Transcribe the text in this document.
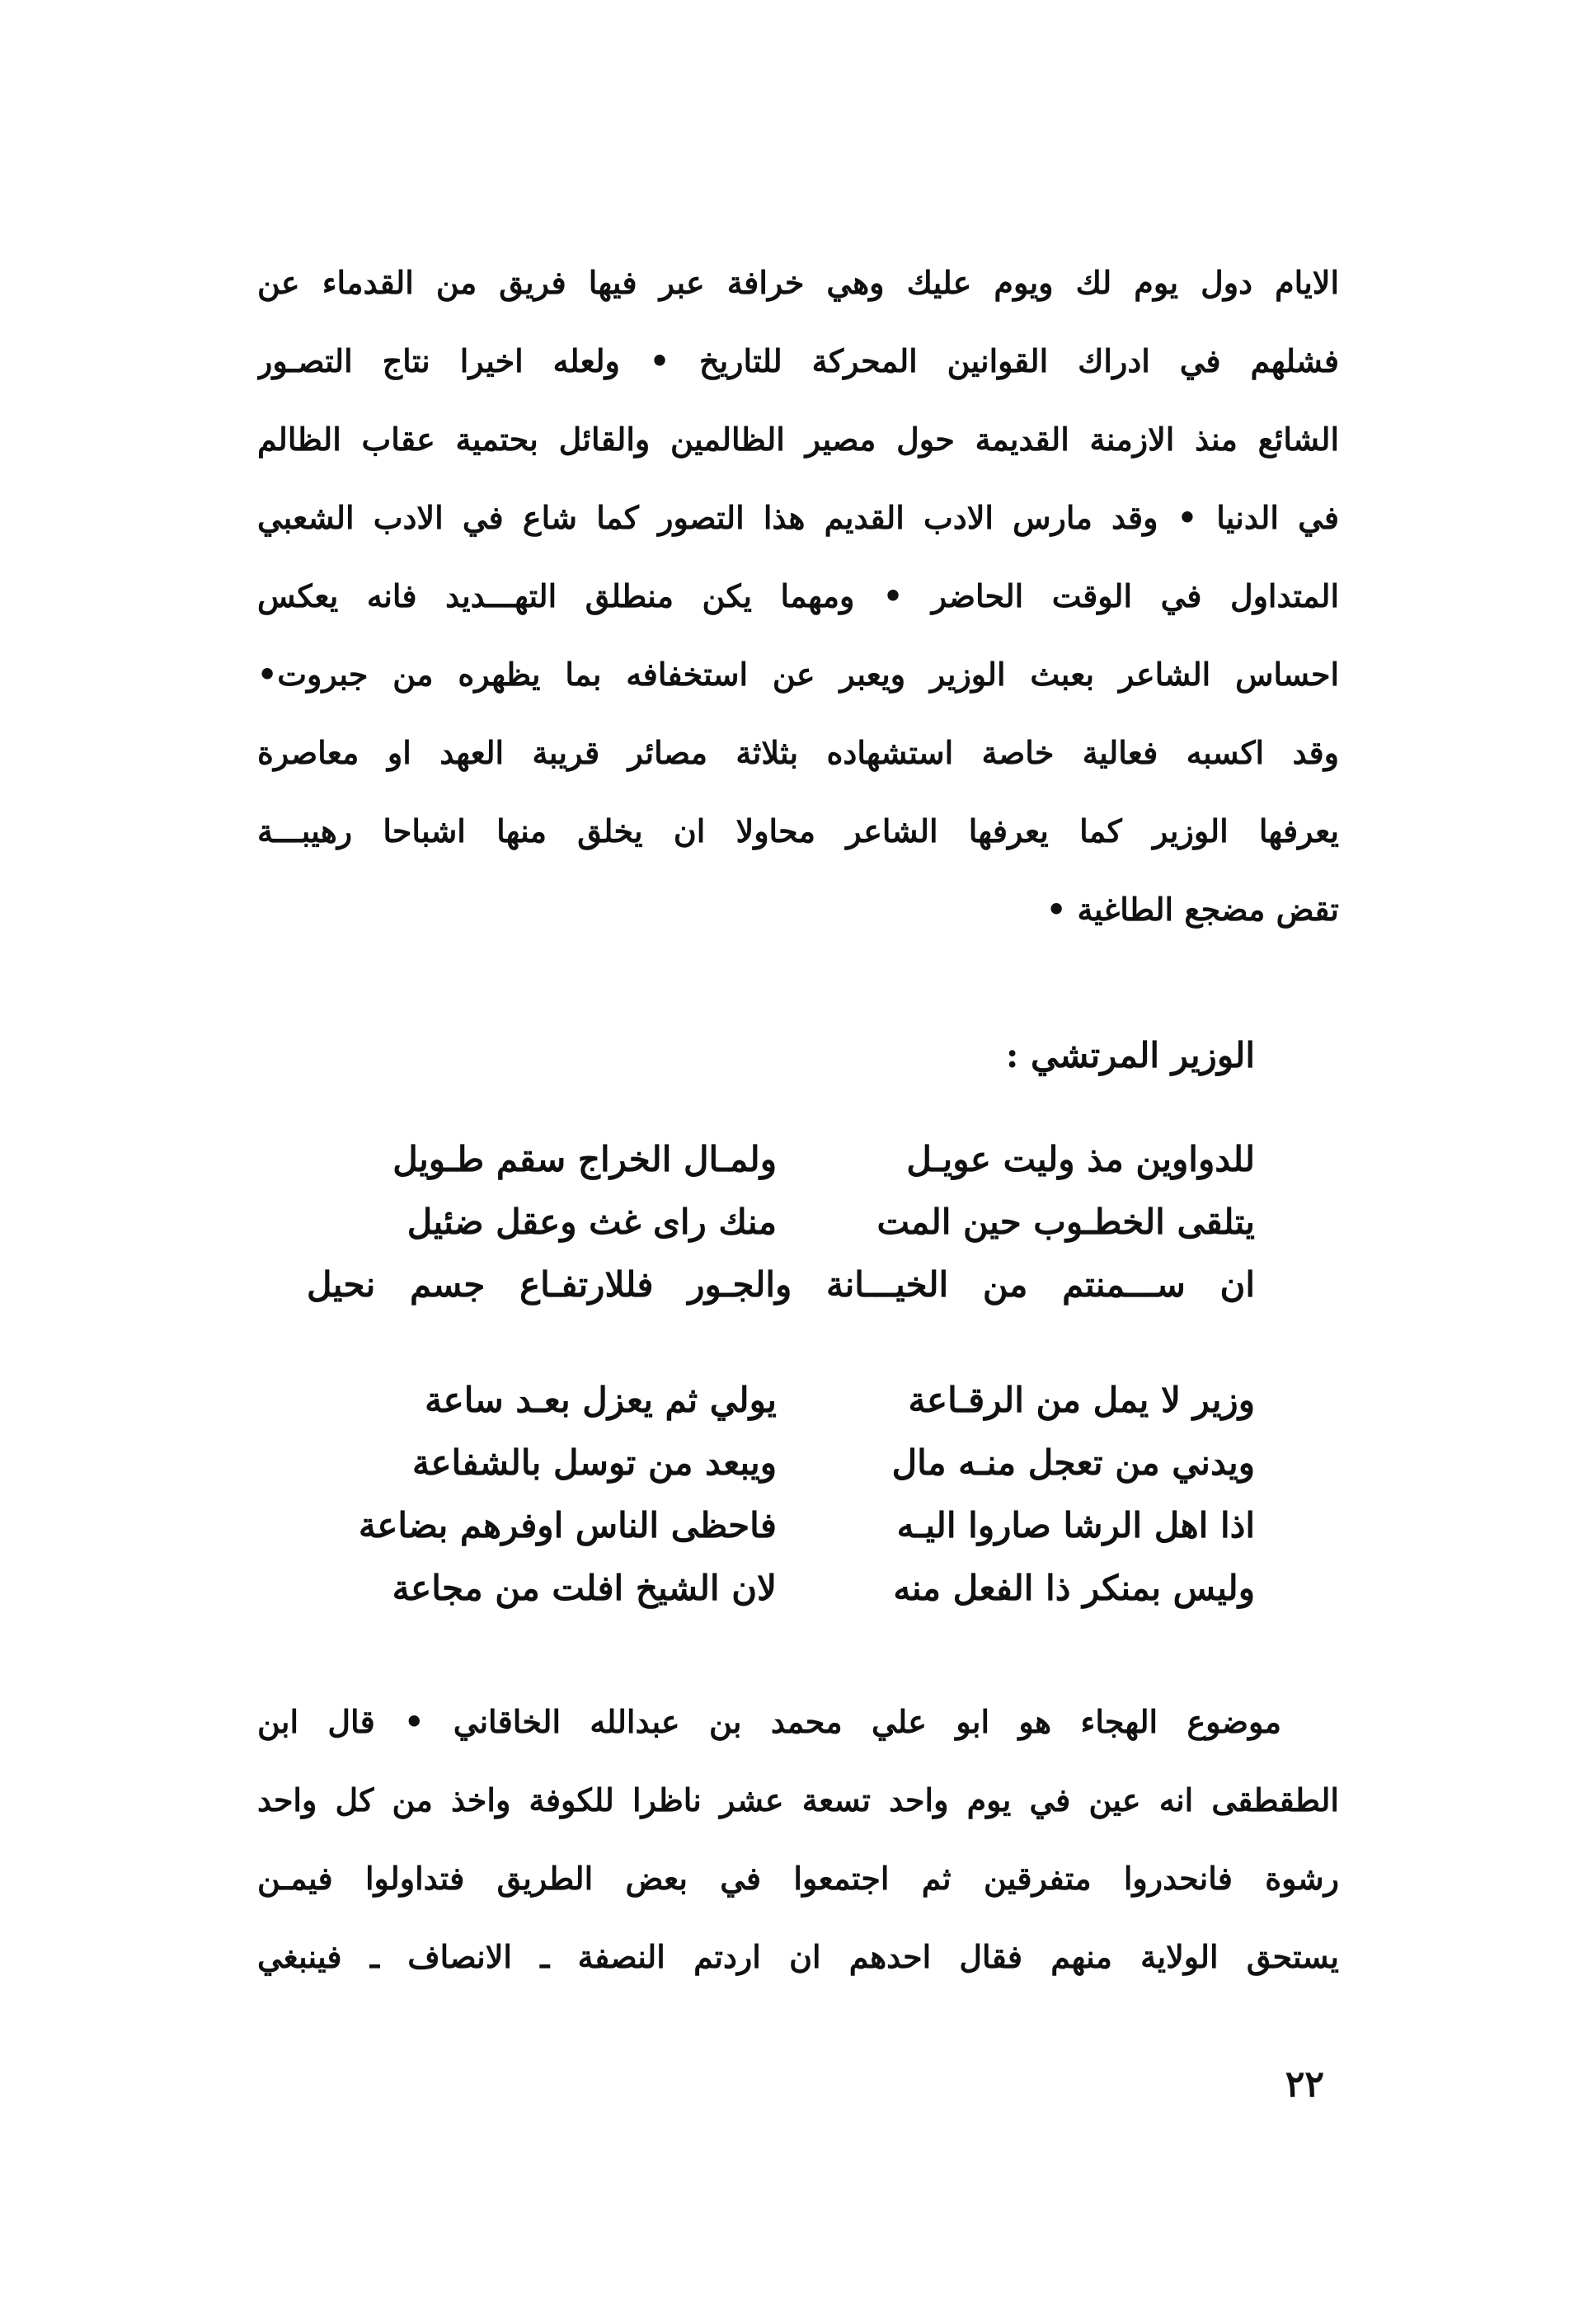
الايام دول يوم لك ويوم عليك وهي خرافة عبر فيها فريق من القدماء عن
فشلهم في ادراك القوانين المحركة للتاريخ • ولعله اخيرا نتاج التصـور
الشائع منذ الازمنة القديمة حول مصير الظالمين والقائل بحتمية عقاب الظالم
في الدنيا • وقد مارس الادب القديم هذا التصور كما شاع في الادب الشعبي
المتداول في الوقت الحاضر • ومهما يكن منطلق التهـــديد فانه يعكس
احساس الشاعر بعبث الوزير ويعبر عن استخفافه بما يظهره من جبروت•
وقد اكسبه فعالية خاصة استشهاده بثلاثة مصائر قريبة العهد او معاصرة
يعرفها الوزير كما يعرفها الشاعر محاولا ان يخلق منها اشباحا رهيبـــة
تقض مضجع الطاغية •
الوزير المرتشي :
للدواوين مذ وليت عويـل
ولمـال الخراج سقم طـويل
يتلقى الخطـوب حين المت
منك راى غث وعقل ضئيل
ان ســـمنتم من الخيـــانة والجـور فللارتفـاع جسم نحيل
وزير لا يمل من الرقـاعة
يولي ثم يعزل بعـد ساعة
ويدني من تعجل منـه مال
ويبعد من توسل بالشفاعة
اذا اهل الرشا صاروا اليـه
فاحظى الناس اوفرهم بضاعة
وليس بمنكر ذا الفعل منه
لان الشيخ افلت من مجاعة
موضوع الهجاء هو ابو علي محمد بن عبدالله الخاقاني • قال ابن
الطقطقى انه عين في يوم واحد تسعة عشر ناظرا للكوفة واخذ من كل واحد
رشوة فانحدروا متفرقين ثم اجتمعوا في بعض الطريق فتداولوا فيمـن
يستحق الولاية منهم فقال احدهم ان اردتم النصفة ـ الانصاف ـ فينبغي

٢٢
